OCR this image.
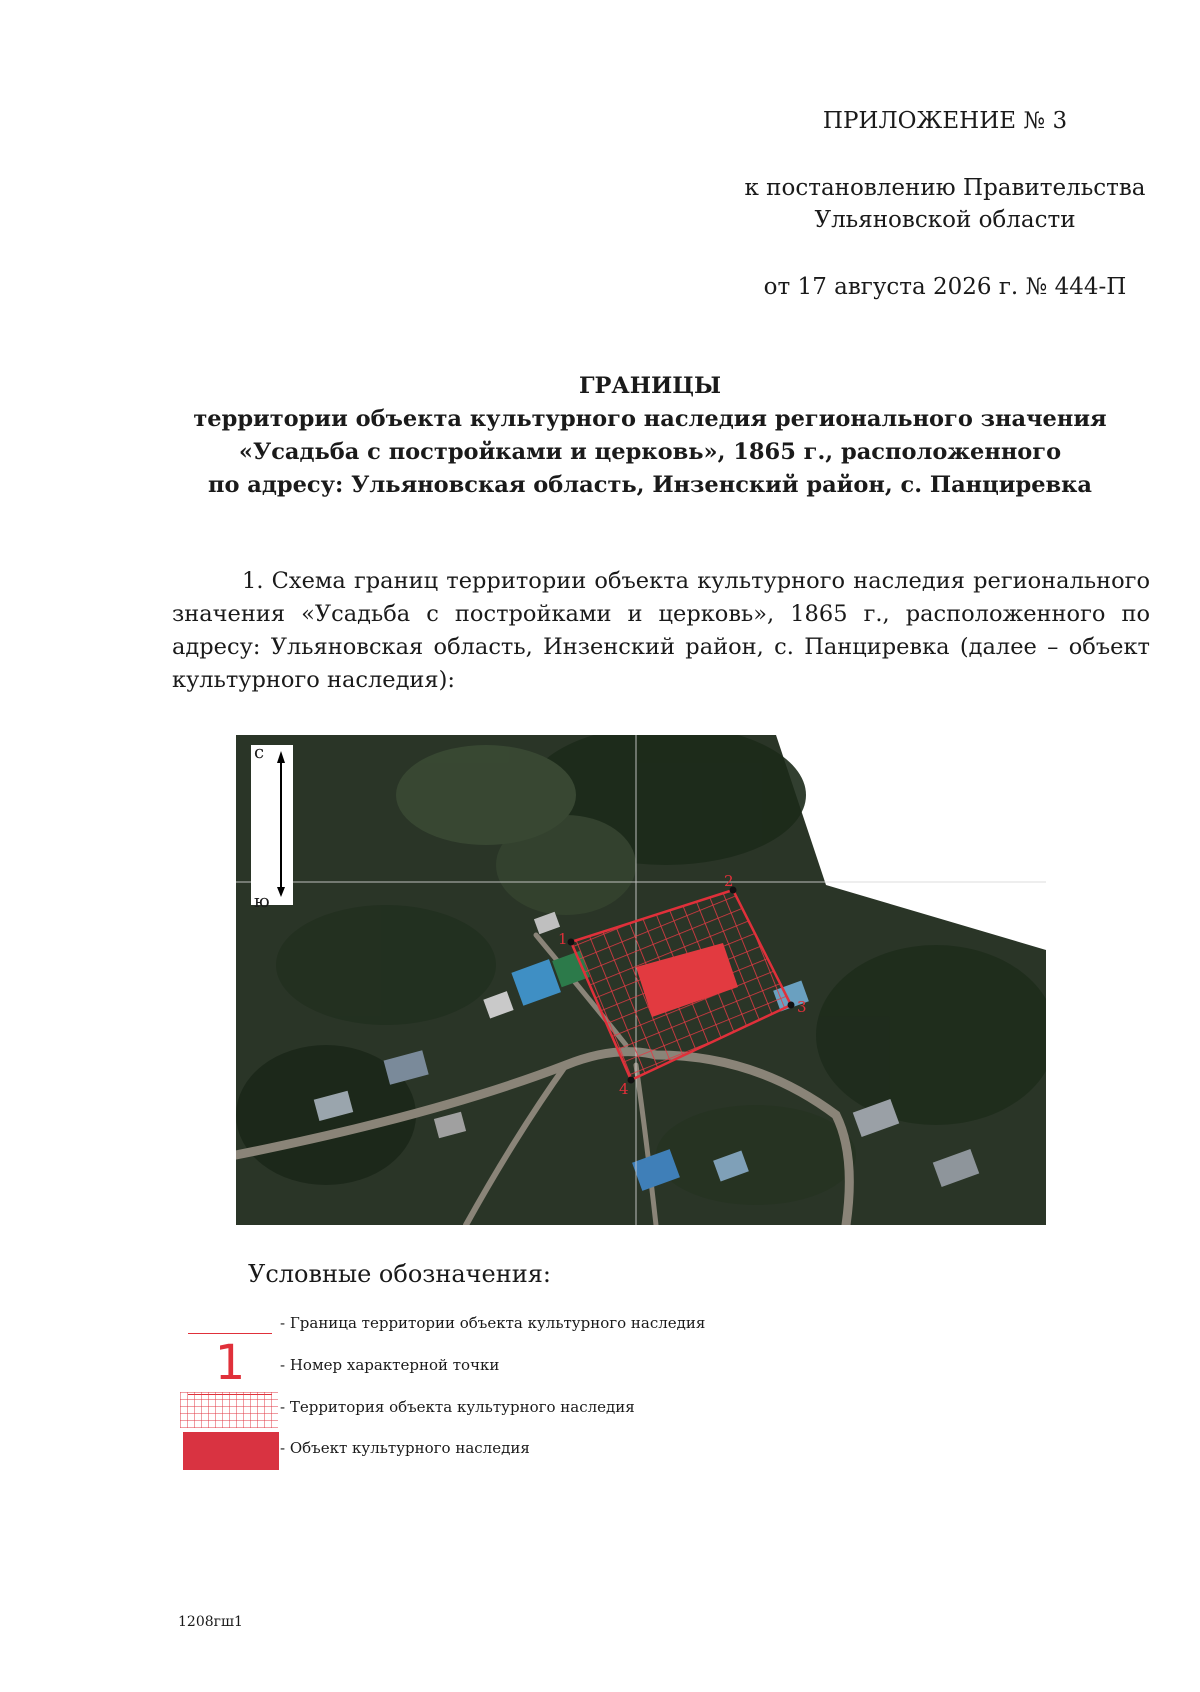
ПРИЛОЖЕНИЕ № 3
к постановлению Правительства
Ульяновской области
от 17 августа 2026 г. № 444-П
ГРАНИЦЫ
территории объекта культурного наследия регионального значения
«Усадьба с постройками и церковь», 1865 г., расположенного
по адресу: Ульяновская область, Инзенский район, с. Панциревка
1. Схема границ территории объекта культурного наследия регионального значения «Усадьба с постройками и церковь», 1865 г., расположенного по адресу: Ульяновская область, Инзенский район, с. Панциревка (далее – объект культурного наследия):
с
ю
1
2
3
4
Условные обозначения:
- Граница территории объекта культурного наследия
1	- Номер характерной точки
- Территория объекта культурного наследия
- Объект культурного наследия
1208гш1
